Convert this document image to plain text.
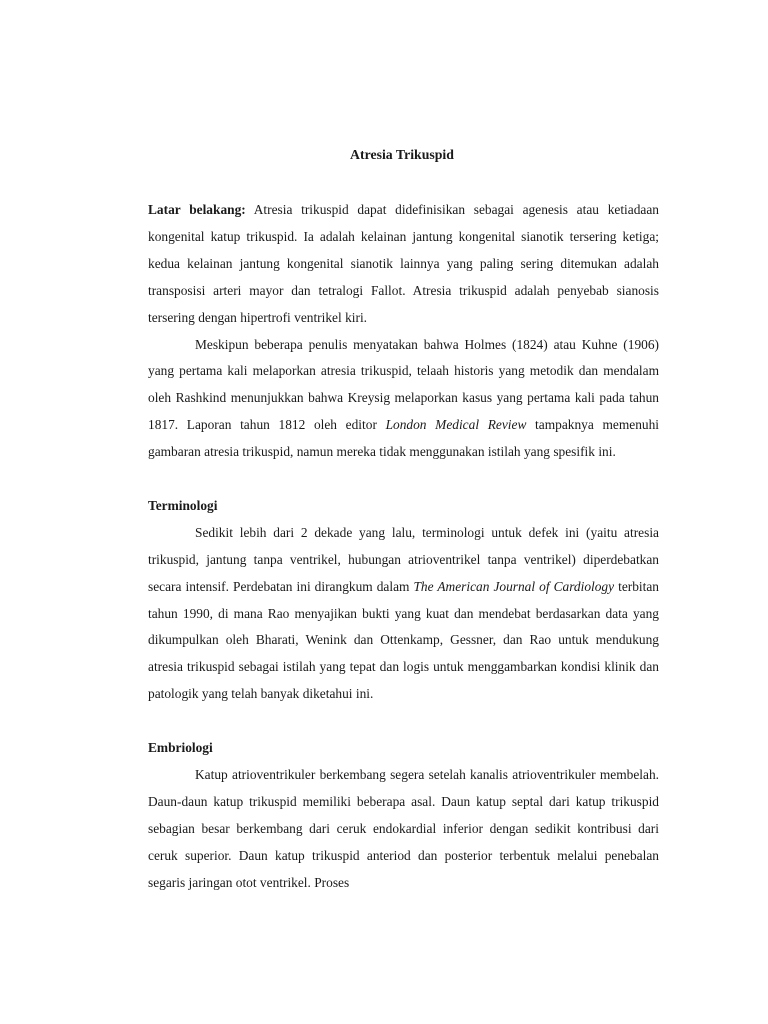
Atresia Trikuspid

Latar belakang: Atresia trikuspid dapat didefinisikan sebagai agenesis atau ketiadaan kongenital katup trikuspid. Ia adalah kelainan jantung kongenital sianotik tersering ketiga; kedua kelainan jantung kongenital sianotik lainnya yang paling sering ditemukan adalah transposisi arteri mayor dan tetralogi Fallot. Atresia trikuspid adalah penyebab sianosis tersering dengan hipertrofi ventrikel kiri.

Meskipun beberapa penulis menyatakan bahwa Holmes (1824) atau Kuhne (1906) yang pertama kali melaporkan atresia trikuspid, telaah historis yang metodik dan mendalam oleh Rashkind menunjukkan bahwa Kreysig melaporkan kasus yang pertama kali pada tahun 1817. Laporan tahun 1812 oleh editor London Medical Review tampaknya memenuhi gambaran atresia trikuspid, namun mereka tidak menggunakan istilah yang spesifik ini.

Terminologi

Sedikit lebih dari 2 dekade yang lalu, terminologi untuk defek ini (yaitu atresia trikuspid, jantung tanpa ventrikel, hubungan atrioventrikel tanpa ventrikel) diperdebatkan secara intensif. Perdebatan ini dirangkum dalam The American Journal of Cardiology terbitan tahun 1990, di mana Rao menyajikan bukti yang kuat dan mendebat berdasarkan data yang dikumpulkan oleh Bharati, Wenink dan Ottenkamp, Gessner, dan Rao untuk mendukung atresia trikuspid sebagai istilah yang tepat dan logis untuk menggambarkan kondisi klinik dan patologik yang telah banyak diketahui ini.

Embriologi

Katup atrioventrikuler berkembang segera setelah kanalis atrioventrikuler membelah. Daun-daun katup trikuspid memiliki beberapa asal. Daun katup septal dari katup trikuspid sebagian besar berkembang dari ceruk endokardial inferior dengan sedikit kontribusi dari ceruk superior. Daun katup trikuspid anteriod dan posterior terbentuk melalui penebalan segaris jaringan otot ventrikel. Proses
